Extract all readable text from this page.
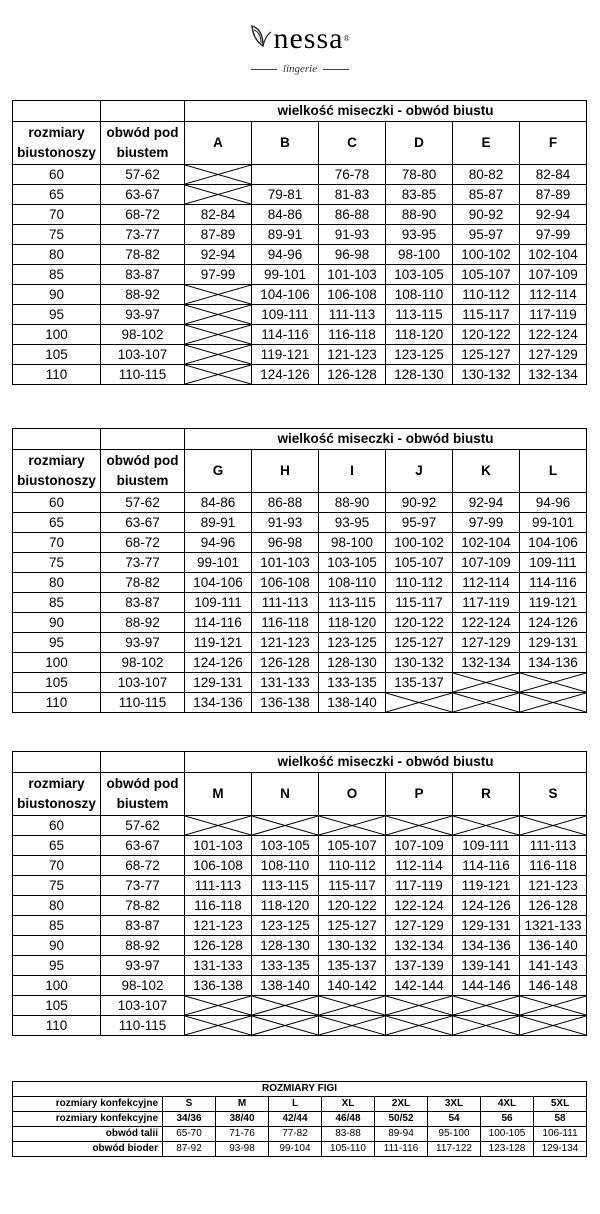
nessa®
lingerie
		wielkość miseczki - obwód biustu					
rozmiary
biustonoszy	obwód pod
biustem	A	B	C	D	E	F
60	57-62			76-78	78-80	80-82	82-84
65	63-67		79-81	81-83	83-85	85-87	87-89
70	68-72	82-84	84-86	86-88	88-90	90-92	92-94
75	73-77	87-89	89-91	91-93	93-95	95-97	97-99
80	78-82	92-94	94-96	96-98	98-100	100-102	102-104
85	83-87	97-99	99-101	101-103	103-105	105-107	107-109
90	88-92		104-106	106-108	108-110	110-112	112-114
95	93-97		109-111	111-113	113-115	115-117	117-119
100	98-102		114-116	116-118	118-120	120-122	122-124
105	103-107		119-121	121-123	123-125	125-127	127-129
110	110-115		124-126	126-128	128-130	130-132	132-134
		wielkość miseczki - obwód biustu					
rozmiary
biustonoszy	obwód pod
biustem	G	H	I	J	K	L
60	57-62	84-86	86-88	88-90	90-92	92-94	94-96
65	63-67	89-91	91-93	93-95	95-97	97-99	99-101
70	68-72	94-96	96-98	98-100	100-102	102-104	104-106
75	73-77	99-101	101-103	103-105	105-107	107-109	109-111
80	78-82	104-106	106-108	108-110	110-112	112-114	114-116
85	83-87	109-111	111-113	113-115	115-117	117-119	119-121
90	88-92	114-116	116-118	118-120	120-122	122-124	124-126
95	93-97	119-121	121-123	123-125	125-127	127-129	129-131
100	98-102	124-126	126-128	128-130	130-132	132-134	134-136
105	103-107	129-131	131-133	133-135	135-137	

110	110-115	134-136	136-138	138-140	

		wielkość miseczki - obwód biustu					
rozmiary
biustonoszy	obwód pod
biustem	M	N	O	P	R	S
60	57-62	

65	63-67	101-103	103-105	105-107	107-109	109-111	111-113
70	68-72	106-108	108-110	110-112	112-114	114-116	116-118
75	73-77	111-113	113-115	115-117	117-119	119-121	121-123
80	78-82	116-118	118-120	120-122	122-124	124-126	126-128
85	83-87	121-123	123-125	125-127	127-129	129-131	1321-133
90	88-92	126-128	128-130	130-132	132-134	134-136	136-140
95	93-97	131-133	133-135	135-137	137-139	139-141	141-143
100	98-102	136-138	138-140	140-142	142-144	144-146	146-148
105	103-107	

110	110-115	

ROZMIARY FIGI								
rozmiary konfekcyjne	S	M	L	XL	2XL	3XL	4XL	5XL
rozmiary konfekcyjne	34/36	38/40	42/44	46/48	50/52	54	56	58
obwód talii	65-70	71-76	77-82	83-88	89-94	95-100	100-105	106-111
obwód bioder	87-92	93-98	99-104	105-110	111-116	117-122	123-128	129-134
